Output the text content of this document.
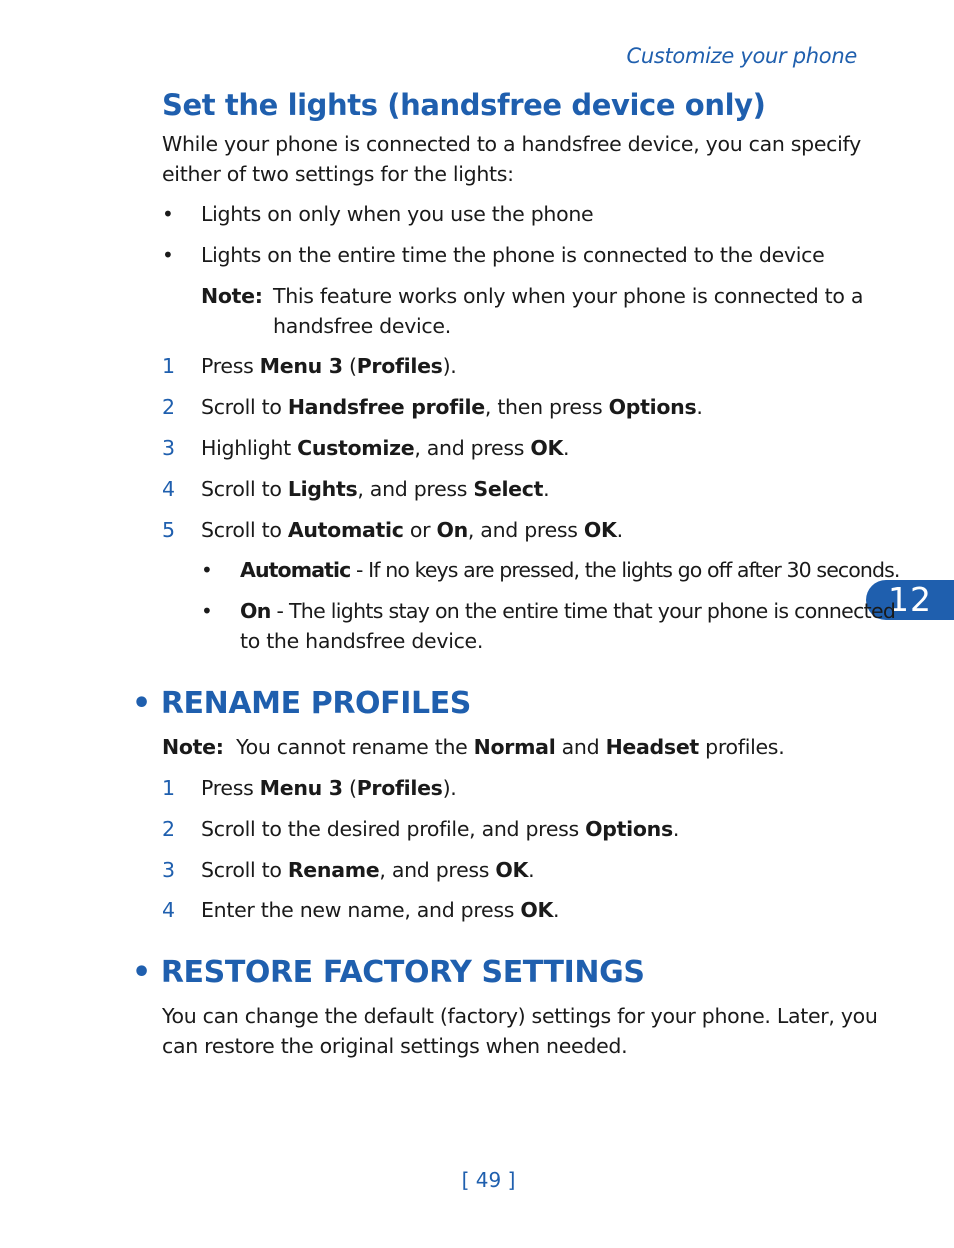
Customize your phone
12
Set the lights (handsfree device only)
While your phone is connected to a handsfree device, you can specify either of two settings for the lights:
• Lights on only when you use the phone
• Lights on the entire time the phone is connected to the device
Note: This feature works only when your phone is connected to a
handsfree device.
1 Press Menu 3 (Profiles).
2 Scroll to Handsfree profile, then press Options.
3 Highlight Customize, and press OK.
4 Scroll to Lights, and press Select.
5 Scroll to Automatic or On, and press OK.
• Automatic - If no keys are pressed, the lights go off after 30 seconds.
• On - The lights stay on the entire time that your phone is connected
to the handsfree device.
• RENAME PROFILES
Note: You cannot rename the Normal and Headset profiles.
1 Press Menu 3 (Profiles).
2 Scroll to the desired profile, and press Options.
3 Scroll to Rename, and press OK.
4 Enter the new name, and press OK.
• RESTORE FACTORY SETTINGS
You can change the default (factory) settings for your phone. Later, you
can restore the original settings when needed.
[ 49 ]
